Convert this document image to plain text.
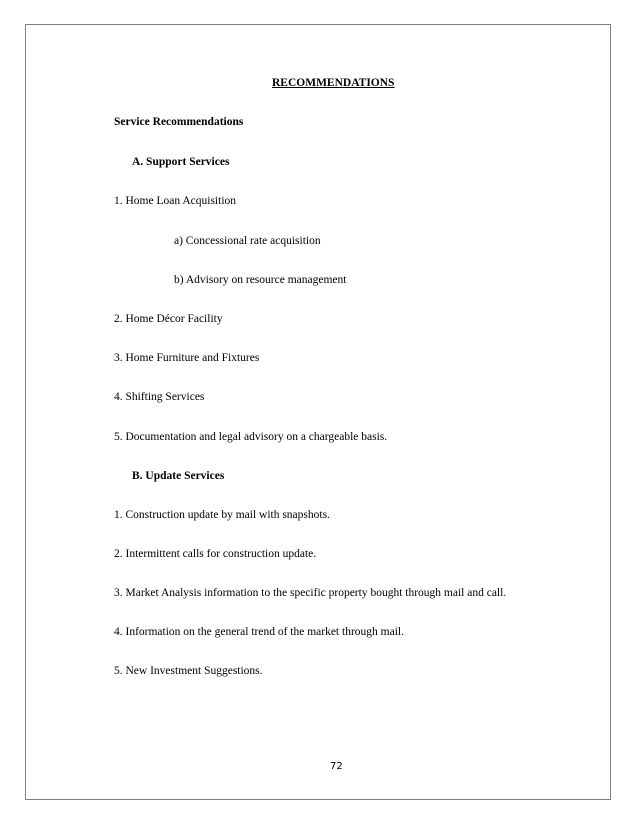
RECOMMENDATIONS
Service Recommendations
A. Support Services
1. Home Loan Acquisition
a) Concessional rate acquisition
b) Advisory on resource management
2. Home Décor Facility
3. Home Furniture and Fixtures
4. Shifting Services
5. Documentation and legal advisory on a chargeable basis.
B. Update Services
1. Construction update by mail with snapshots.
2. Intermittent calls for construction update.
3. Market Analysis information to the specific property bought through mail and call.
4. Information on the general trend of the market through mail.
5. New Investment Suggestions.
72
